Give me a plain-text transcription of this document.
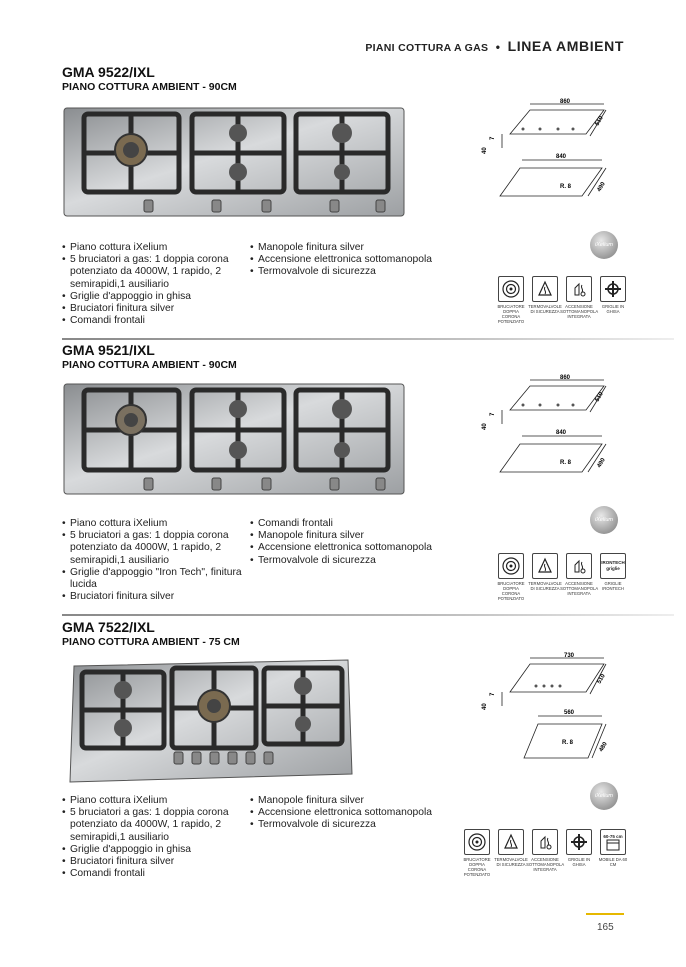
PIANI COTTURA A GAS • LINEA AMBIENT
GMA 9522/IXL
PIANO COTTURA AMBIENT - 90CM
860
510
40
7
840
490
R. 8
• Piano cottura iXelium
• 5 bruciatori a gas: 1 doppia corona potenziato da 4000W, 1 rapido, 2 semirapidi,1 ausiliario
• Griglie d'appoggio in ghisa
• Bruciatori finitura silver
• Comandi frontali
• Manopole finitura silver
• Accensione elettronica sottomanopola
• Termovalvole di sicurezza
iXelium
BRUCIATORE DOPPIA CORONA POTENZIATO
TERMOVALVOLE DI SICUREZZA
ACCENSIONE SOTTOMANOPOLA INTEGRATA
GRIGLIE IN GHISA
GMA 9521/IXL
PIANO COTTURA AMBIENT - 90CM
860
510
40
7
840
490
R. 8
• Piano cottura iXelium
• 5 bruciatori a gas: 1 doppia corona potenziato da 4000W, 1 rapido, 2 semirapidi,1 ausiliario
• Griglie d'appoggio "Iron Tech", finitura lucida
• Bruciatori finitura silver
• Comandi frontali
• Manopole finitura silver
• Accensione elettronica sottomanopola
• Termovalvole di sicurezza
iXelium
BRUCIATORE DOPPIA CORONA POTENZIATO
TERMOVALVOLE DI SICUREZZA
ACCENSIONE SOTTOMANOPOLA INTEGRATA
IRONTECH griglie
GRIGLIE IRONTECH
GMA 7522/IXL
PIANO COTTURA AMBIENT - 75 CM
730
510
40
7
560
480
R. 8
• Piano cottura iXelium
• 5 bruciatori a gas: 1 doppia corona potenziato da 4000W, 1 rapido, 2 semirapidi,1 ausiliario
• Griglie d'appoggio in ghisa
• Bruciatori finitura silver
• Comandi frontali
• Manopole finitura silver
• Accensione elettronica sottomanopola
• Termovalvole di sicurezza
iXelium
BRUCIATORE DOPPIA CORONA POTENZIATO
TERMOVALVOLE DI SICUREZZA
ACCENSIONE SOTTOMANOPOLA INTEGRATA
GRIGLIE IN GHISA
60-75 cm
MOBILE DA 60 CM
165
